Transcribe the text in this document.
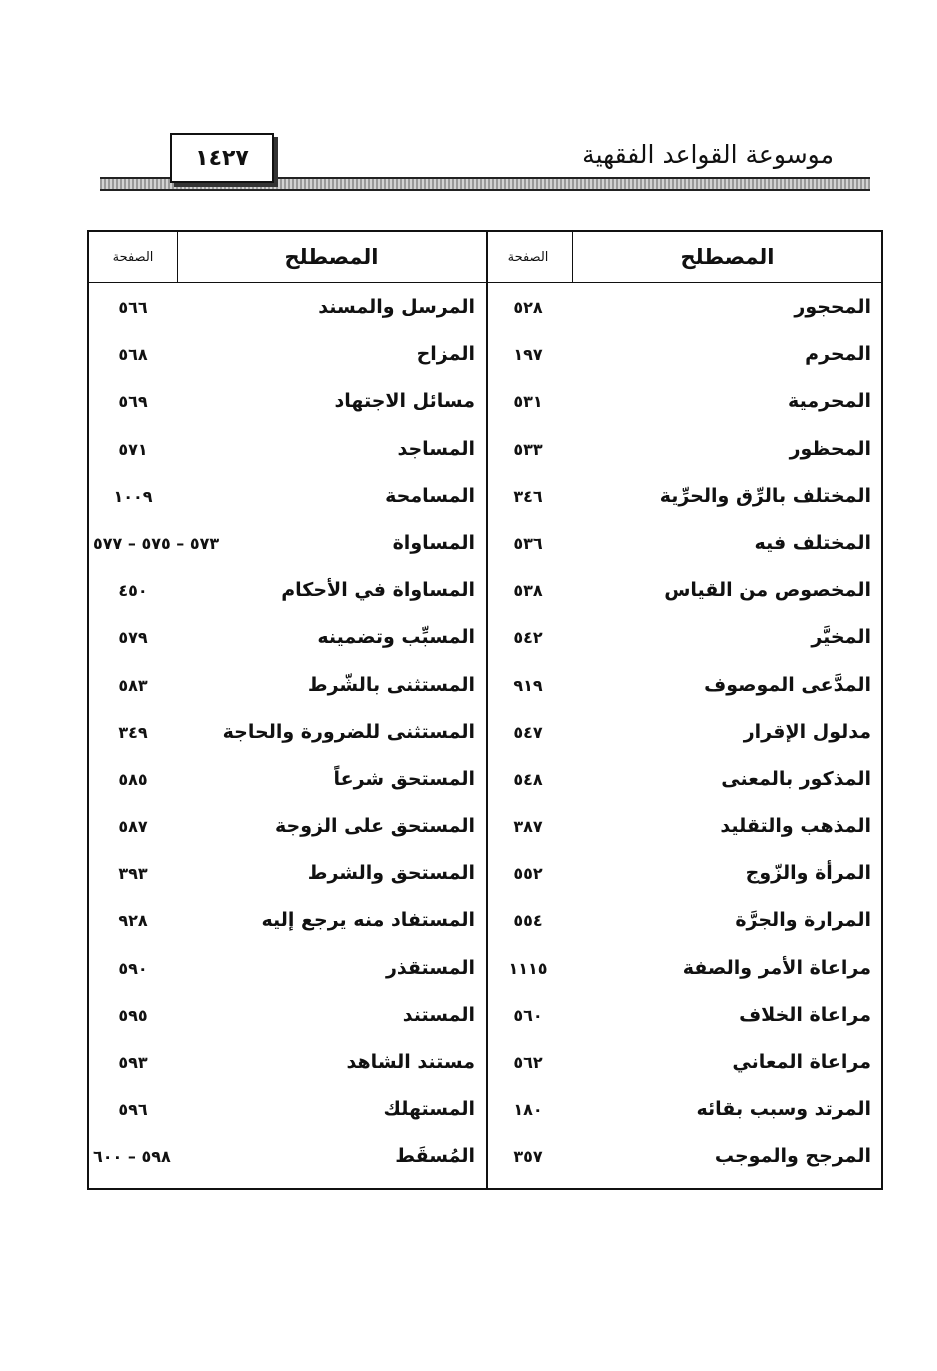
١٤٢٧	موسوعة القواعد الفقهية
المصطلح
الصفحة
المحجور
٥٢٨
المحرم
١٩٧
المحرمية
٥٣١
المحظور
٥٣٣
المختلف بالرِّق والحرِّية
٣٤٦
المختلف فيه
٥٣٦
المخصوص من القياس
٥٣٨
المخيَّر
٥٤٢
المدَّعى الموصوف
٩١٩
مدلول الإقرار
٥٤٧
المذكور بالمعنى
٥٤٨
المذهب والتقليد
٣٨٧
المرأة والزّوج
٥٥٢
المرارة والجرَّة
٥٥٤
مراعاة الأمر والصفة
١١١٥
مراعاة الخلاف
٥٦٠
مراعاة المعاني
٥٦٢
المرتد وسبب بقائه
١٨٠
المرجح والموجب
٣٥٧
المصطلح
الصفحة
المرسل والمسند
٥٦٦
المزاح
٥٦٨
مسائل الاجتهاد
٥٦٩
المساجد
٥٧١
المسامحة
١٠٠٩
المساواة
٥٧٣ – ٥٧٥ – ٥٧٧
المساواة في الأحكام
٤٥٠
المسبِّب وتضمينه
٥٧٩
المستثنى بالشّرط
٥٨٣
المستثنى للضرورة والحاجة
٣٤٩
المستحق شرعاً
٥٨٥
المستحق على الزوجة
٥٨٧
المستحق والشرط
٣٩٣
المستفاد منه يرجع إليه
٩٢٨
المستقذر
٥٩٠
المستند
٥٩٥
مستند الشاهد
٥٩٣
المستهلك
٥٩٦
المُسقَط
٥٩٨ – ٦٠٠
